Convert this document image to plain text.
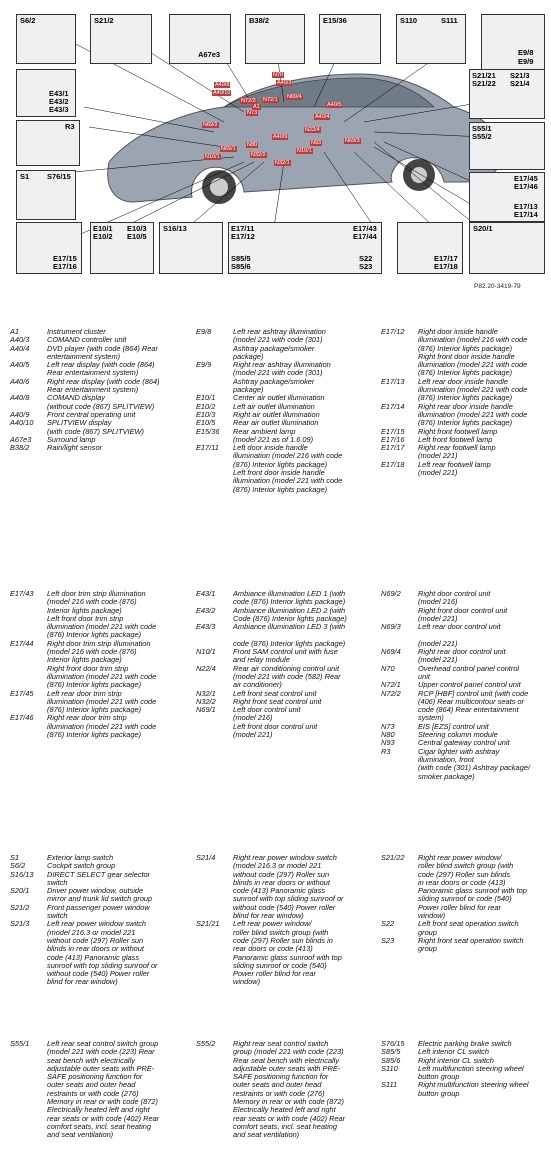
S6/2	S21/2
A67e3
B38/2	E15/36	S110	S111
E9/8
E9/9
E43/1
E43/2
E43/3
R3
S1 S76/15
E17/15
E17/16
E10/1
E10/2
E10/3
E10/5
S16/13	E17/11
E17/12
E17/43
E17/44
S85/5
S85/6
S22
S23
E17/17
E17/18
S20/1
S21/21
S21/22
S21/3
S21/4
S55/1
S55/2
E17/45
E17/46
E17/13
E17/14
N72/3
A40/8
A40/10
N72/1
N73
A1
N70
N69/4
A40/3
N69/2
A40/4
A40/5
N80
N32/2
N22/4
A40/9
N32/1
N10/1
N69/3
N93
N69/1
N10/1
P82.20-3419-79
A1	Instrument cluster
A40/3	COMAND controller unit
A40/4	DVD player (with code (864) Rear
entertainment system)
A40/5	Left rear display (with code (864)
Rear entertainment system)
A40/6	Right rear display (with code (864)
Rear entertainment system)
A40/8	COMAND display
(without code (867) SPLITVIEW)
A40/9	Front central operating unit
A40/10	SPLITVIEW display
(with code (867) SPLITVIEW)
A67e3	Surround lamp
B38/2	Rain/light sensor
E9/8	Left rear ashtray illumination
(model 221 with code (301)
Ashtray package/smoker
package)
E9/9	Right rear ashtray illumination
(model 221 with code (301)
Ashtray package/smoker
package)
E10/1	Center air outlet illumination
E10/2	Left air outlet illumination
E10/3	Right air outlet illumination
E10/5	Rear air outlet illumination
E15/36	Rear ambient lamp
(model 221 as of 1.6.09)
E17/11	Left door inside handle
illumination (model 216 with code
(876) Interior lights package)
Left front door inside handle
illumination (model 221 with code
(876) Interior lights package)
E17/12	Right door inside handle
illumination (model 216 with code
(876) Interior lights package)
Right front door inside handle
illumination (model 221 with code
(876) Interior lights package)
E17/13	Left rear door inside handle
illumination (model 221 with code
(876) Interior lights package)
E17/14	Right rear door inside handle
illumination (model 221 with code
(876) Interior lights package)
E17/15	Right front footwell lamp
E17/16	Left front footwell lamp
E17/17	Right rear footwell lamp
(model 221)
E17/18	Left rear footwell lamp
(model 221)
E17/43	Left door trim strip illumination
(model 216 with code (876)
Interior lights package)
Left front door trim strip
illumination (model 221 with code
(876) Interior lights package)
E17/44	Right door trim strip illumination
(model 216 with code (876)
Interior lights package)
Right front door trim strip
illumination (model 221 with code
(876) Interior lights package)
E17/45	Left rear door trim strip
illumination (model 221 with code
(876) Interior lights package)
E17/46	Right rear door trim strip
illumination (model 221 with code
(876) Interior lights package)
E43/1	Ambiance illumination LED 1 (with
code (876) Interior lights package)
E43/2	Ambiance illumination LED 2 (with
Code (876) Interior lights package)
E43/3	Ambiance illumination LED 3 (with

code (876) Interior lights package)
N10/1	Front SAM control unit with fuse
and relay module
N22/4	Rear air conditioning control unit
(model 221 with code (582) Rear
air conditioner)
N32/1	Left front seat control unit
N32/2	Right front seat control unit
N69/1	Left door control unit
(model 216)
Left front door control unit
(model 221)
N69/2	Right door control unit
(model 216)
Right front door control unit
(model 221)
N69/3	Left rear door control unit

(model 221)
N69/4	Right rear door control unit
(model 221)
N70	Overhead control panel control
unit
N72/1	Upper control panel control unit
N72/2	RCP [HBF] control unit (with code
(406) Rear multicontour seats or
code (864) Rear entertainment
system)
N73	EIS [EZS] control unit
N80	Steering column module
N93	Central gateway control unit
R3	Cigar lighter with ashtray
illumination, front
(with code (301) Ashtray package/
smoker package)
S1	Exterior lamp switch
S6/2	Cockpit switch group
S16/13	DIRECT SELECT gear selector
switch
S20/1	Driver power window, outside
mirror and trunk lid switch group
S21/2	Front passenger power window
switch
S21/3	Left rear power window switch
(model 216.3 or model 221
without code (297) Roller sun
blinds in rear doors or without
code (413) Panoramic glass
sunroof with top sliding sunroof or
without code (540) Power roller
blind for rear window)
S21/4	Right rear power window switch
(model 216.3 or model 221
without code (297) Roller sun
blinds in rear doors or without
code (413) Panoramic glass
sunroof with top sliding sunroof or
without code (540) Power roller
blind for rear window)
S21/21	Left rear power window/
roller blind switch group (with
code (297) Roller sun blinds in
rear doors or code (413)
Panoramic glass sunroof with top
sliding sunroof or code (540)
Power roller blind for rear
window)
S21/22	Right rear power window/
roller blind switch group (with
code (297) Roller sun blinds
in rear doors or code (413)
Panoramic glass sunroof with top
sliding sunroof or code (540)
Power roller blind for rear
window)
S22	Left front seat operation switch
group
S23	Right front seat operation switch
group
S55/1	Left rear seat control switch group
(model 221 with code (223) Rear
seat bench with electrically
adjustable outer seats with PRE-
SAFE positioning function for
outer seats and outer head
restraints or with code (276)
Memory in rear or with code (872)
Electrically heated left and right
rear seats or with code (402) Rear
comfort seats, incl. seat heating
and seat ventilation)
S55/2	Right rear seat control switch
group (model 221 with code (223)
Rear seat bench with electrically
adjustable outer seats with PRE-
SAFE positioning function for
outer seats and outer head
restraints or with code (276)
Memory in rear or with code (872)
Electrically heated left and right
rear seats or with code (402) Rear
comfort seats, incl. seat heating
and seat ventilation)
S76/15	Electric parking brake switch
S85/5	Left interior CL switch
S85/6	Right interior CL switch
S110	Left multifunction steering wheel
button group
S111	Right multifunction steering wheel
button group
